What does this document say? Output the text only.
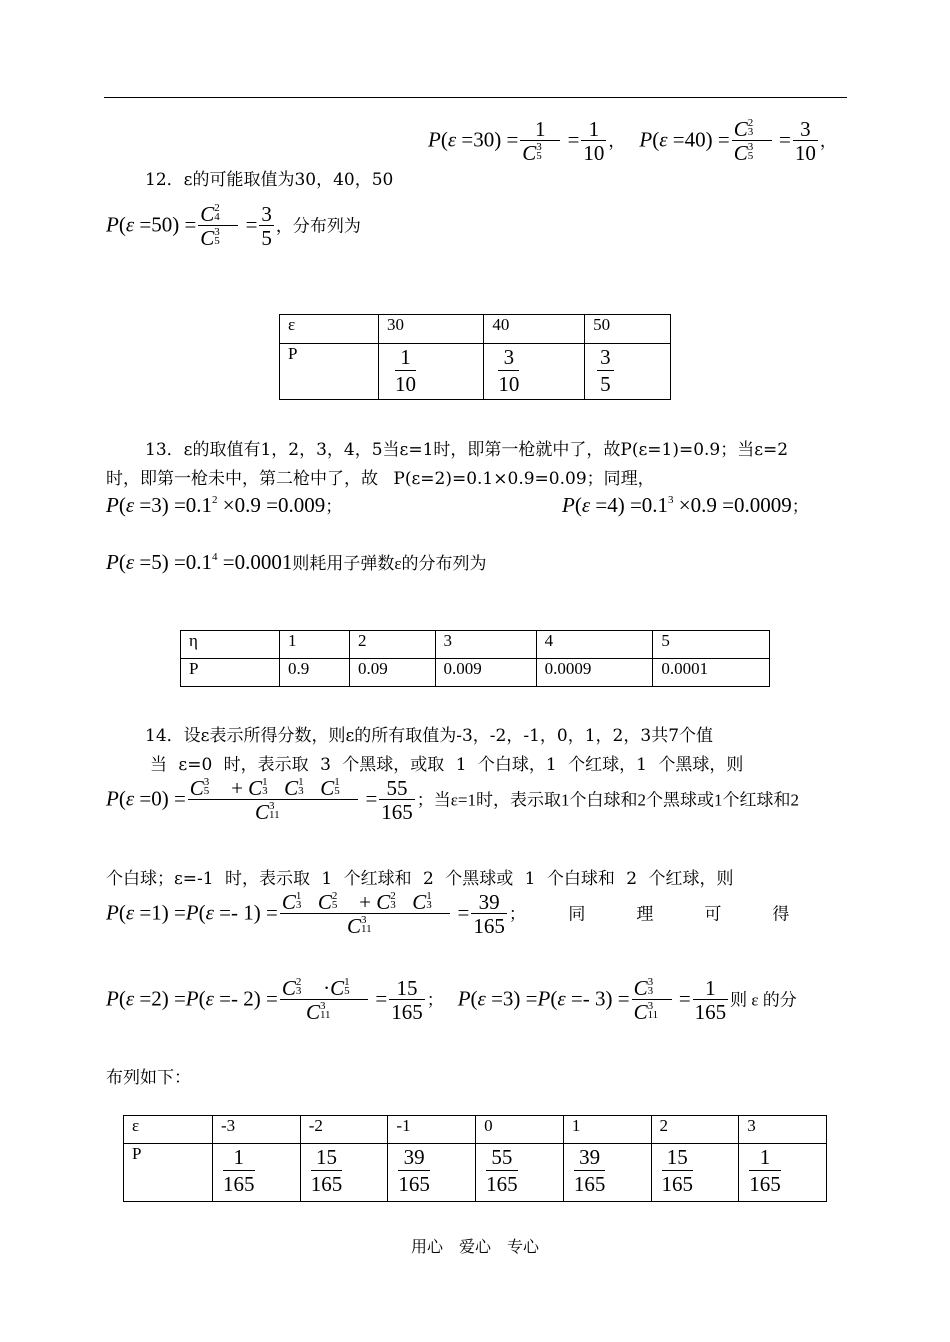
P(ε =30) = 1
C 3
$5 = \frac{1}{10}$ ， P(ε =40) = C 2
3
C 3
$5 = \frac{3}{10}$ ，
12．ε的可能取值为30，40，50
P(ε =50) = C 2
4
C 3
$5 = \frac{3}{5}$ ，分布列为
ε	30	40	50
P	$\frac{1}{10}$	$\frac{3}{10}$	$\frac{3}{5}$
13．ε的取值有1，2，3，4，5当ε=1时，即第一枪就中了，故P(ε=1)=0.9；当ε=2
时，即第一枪未中，第二枪中了，故 P(ε=2)=0.1×0.9=0.09；同理，
$P(\varepsilon =3) =0.1^2 \times 0.9 =0.009$；	$P(\varepsilon =4) =0.1^3 \times 0.9 =0.0009$；
$P(\varepsilon =5) =0.1^4 =0.0001$则耗用子弹数ε的分布列为
η	1	2	3	4	5
P	0.9	0.09	0.009	0.0009	0.0001
14．设ε表示所得分数，则ε的所有取值为-3，-2，-1，0，1，2，3共7个值
当 ε=0 时，表示取 3 个黑球，或取 1 个白球，1 个红球，1 个黑球，则
P(ε =0) = C 3
5 + C 1
3 C 1
3 C 1
5
C 3
$11 = \frac{55}{165}$ ；当ε=1时，表示取1个白球和2个黑球或1个红球和2
个白球；ε=-1 时，表示取 1 个红球和 2 个黑球或 1 个白球和 2 个红球，则
P(ε =1) =P(ε =- 1) = C 1
3 C 2
5 + C 2
3 C 1
3
C 3
$11 = \frac{39}{165}$ ；　　　同　　　理　　　可　　　得
P(ε =2) =P(ε =- 2) = C 2
3 ·C 1
5
C 3
$11 = \frac{15}{165}$ ； P(ε =3) =P(ε =- 3) = C 3
3
C 3
$11 = \frac{1}{165}$ 则 ε 的分
布列如下：
ε	-3	-2	-1	0	1	2	3
P	$\frac{1}{165}$	$\frac{15}{165}$	$\frac{39}{165}$	$\frac{55}{165}$	$\frac{39}{165}$	$\frac{15}{165}$	$\frac{1}{165}$
用心　爱心　专心
